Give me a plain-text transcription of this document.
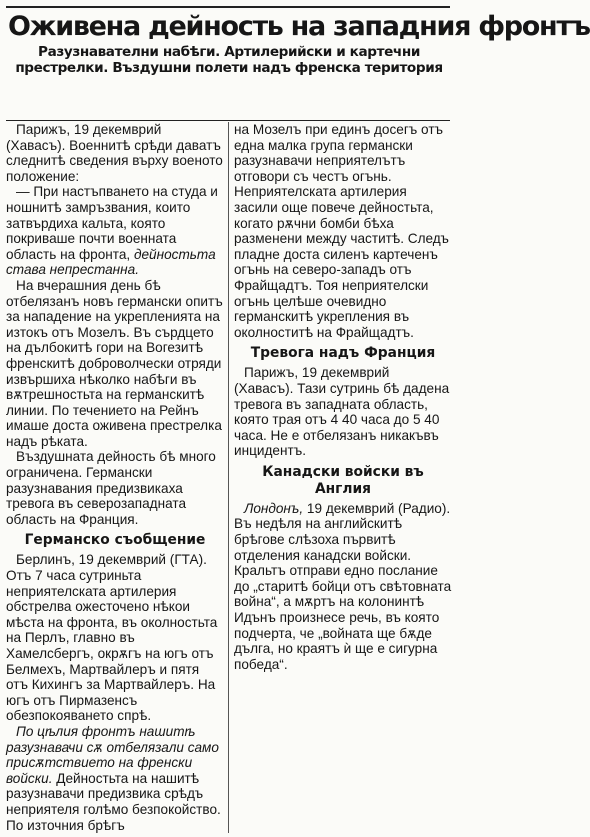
Оживена дейность на западния фронтъ
Разузнавателни набѣги. Артилерийски и картечни престрелки. Въздушни полети надъ френска територия

Парижъ, 19 декемврий (Хавасъ). Военнитѣ срѣди даватъ следнитѣ сведения върху военото положение:

— При настъпването на студа и ношнитѣ замръзвания, които затвърдиха кальта, която покриваше почти военната область на фронта, дейностьта става непрестанна.

На вчерашния день бѣ отбелязанъ новъ германски опитъ за нападение на укрепленията на изтокъ отъ Мозелъ. Въ сърдцето на дълбокитѣ гори на Вогезитѣ френскитѣ доброволчески отряди извършиха нѣколко набѣги въ вѫтрешностьта на германскитѣ линии. По течението на Рейнъ имаше доста оживена престрелка надъ рѣката.

Въздушната дейность бѣ много ограничена. Германски разузнавания предизвикаха тревога въ северозападната область на Франция.

Германско съобщение

Берлинъ, 19 декемврий (ГТА). Отъ 7 часа сутриньта неприятелската артилерия обстрелва ожесточено нѣкои мѣста на фронта, въ околностьта на Перлъ, главно въ Хамелсбергъ, окрѫгъ на югъ отъ Белмехъ, Мартвайлеръ и пятя отъ Кихингъ за Мартвайлеръ. На югъ отъ Пирмазенсъ обезпокояването спрѣ.

По цѣлия фронтъ нашитѣ разузнавачи сѫ отбелязали само присѫтствието на френски войски. Дейностьта на нашитѣ разузнавачи предизвика срѣдъ неприятеля голѣмо безпокойство. По източния брѣгъ

на Мозелъ при единъ досегъ отъ една малка група германски разузнавачи неприятелътъ отговори съ честъ огънь. Неприятелската артилерия засили още повече дейностьта, когато рѫчни бомби бѣха разменени между частитѣ. Следъ пладне доста силенъ картеченъ огънь на северо-западъ отъ Фрайщадтъ. Тоя неприятелски огънь целѣше очевидно германскитѣ укрепления въ околноститѣ на Фрайщадтъ.

Тревога надъ Франция

Парижъ, 19 декемврий (Хавасъ). Тази сутринь бѣ дадена тревога въ западната область, която трая отъ 4 40 часа до 5 40 часа. Не е отбелязанъ никакъвъ инцидентъ.

Канадски войски въ Англия

Лондонъ, 19 декемврий (Радио). Въ недѣля на английскитѣ брѣгове слѣзоха първитѣ отделения канадски войски. Кральтъ отправи едно послание до „старитѣ бойци отъ свѣтовната война“, а мѫртъ на колонинтѣ Идънъ произнесе речь, въ която подчерта, че „войната ще бѫде дълга, но краятъ ѝ ще е сигурна победа“.
